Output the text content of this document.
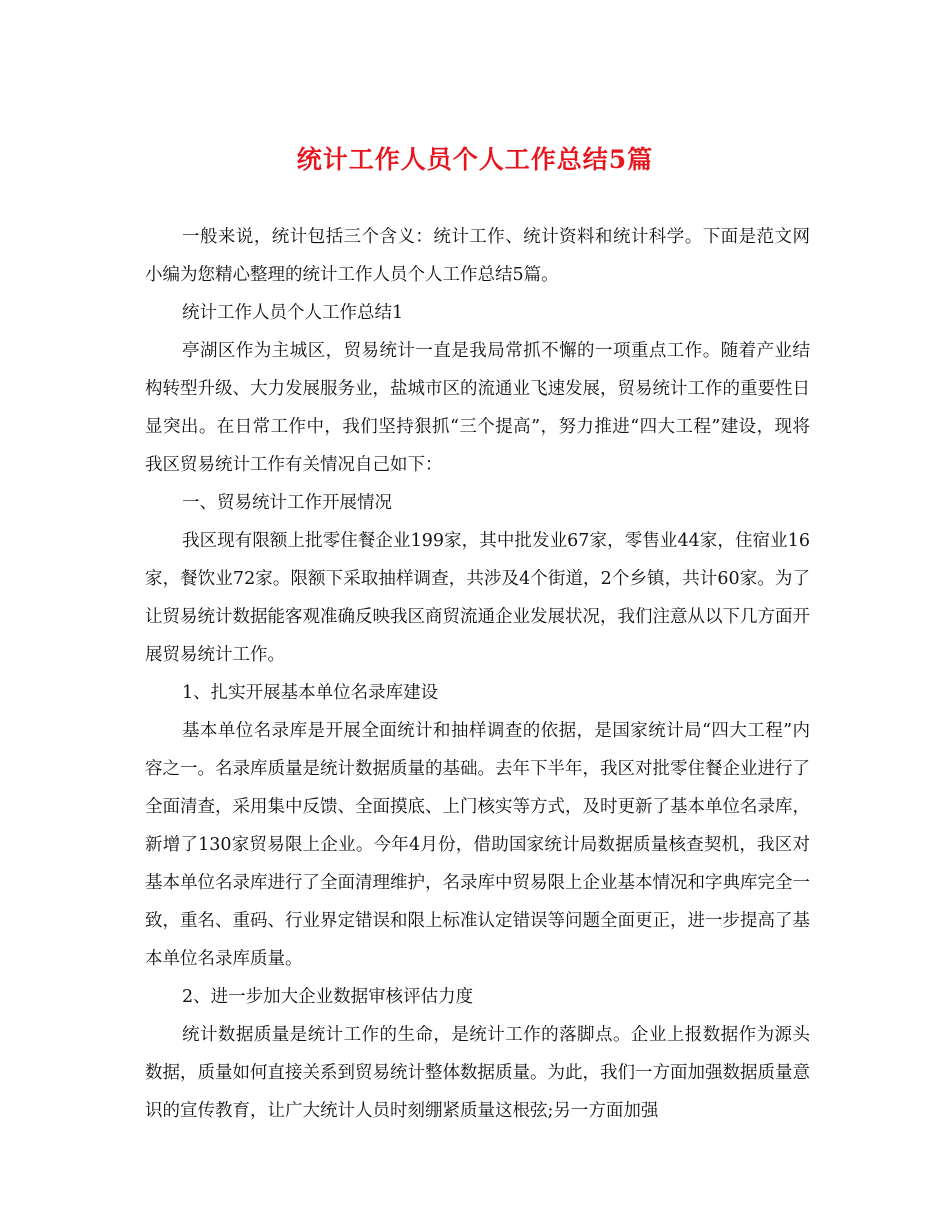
统计工作人员个人工作总结5篇

一般来说，统计包括三个含义：统计工作、统计资料和统计科学。下面是范文网小编为您精心整理的统计工作人员个人工作总结5篇。

统计工作人员个人工作总结1

亭湖区作为主城区，贸易统计一直是我局常抓不懈的一项重点工作。随着产业结构转型升级、大力发展服务业，盐城市区的流通业飞速发展，贸易统计工作的重要性日显突出。在日常工作中，我们坚持狠抓“三个提高”，努力推进“四大工程”建设，现将我区贸易统计工作有关情况自己如下：

一、贸易统计工作开展情况

我区现有限额上批零住餐企业199家，其中批发业67家，零售业44家，住宿业16家，餐饮业72家。限额下采取抽样调查，共涉及4个街道，2个乡镇，共计60家。为了让贸易统计数据能客观准确反映我区商贸流通企业发展状况，我们注意从以下几方面开展贸易统计工作。

1、扎实开展基本单位名录库建设

基本单位名录库是开展全面统计和抽样调查的依据，是国家统计局“四大工程”内容之一。名录库质量是统计数据质量的基础。去年下半年，我区对批零住餐企业进行了全面清查，采用集中反馈、全面摸底、上门核实等方式，及时更新了基本单位名录库，新增了130家贸易限上企业。今年4月份，借助国家统计局数据质量核查契机，我区对基本单位名录库进行了全面清理维护，名录库中贸易限上企业基本情况和字典库完全一致，重名、重码、行业界定错误和限上标准认定错误等问题全面更正，进一步提高了基本单位名录库质量。

2、进一步加大企业数据审核评估力度

统计数据质量是统计工作的生命，是统计工作的落脚点。企业上报数据作为源头数据，质量如何直接关系到贸易统计整体数据质量。为此，我们一方面加强数据质量意识的宣传教育，让广大统计人员时刻绷紧质量这根弦;另一方面加强
